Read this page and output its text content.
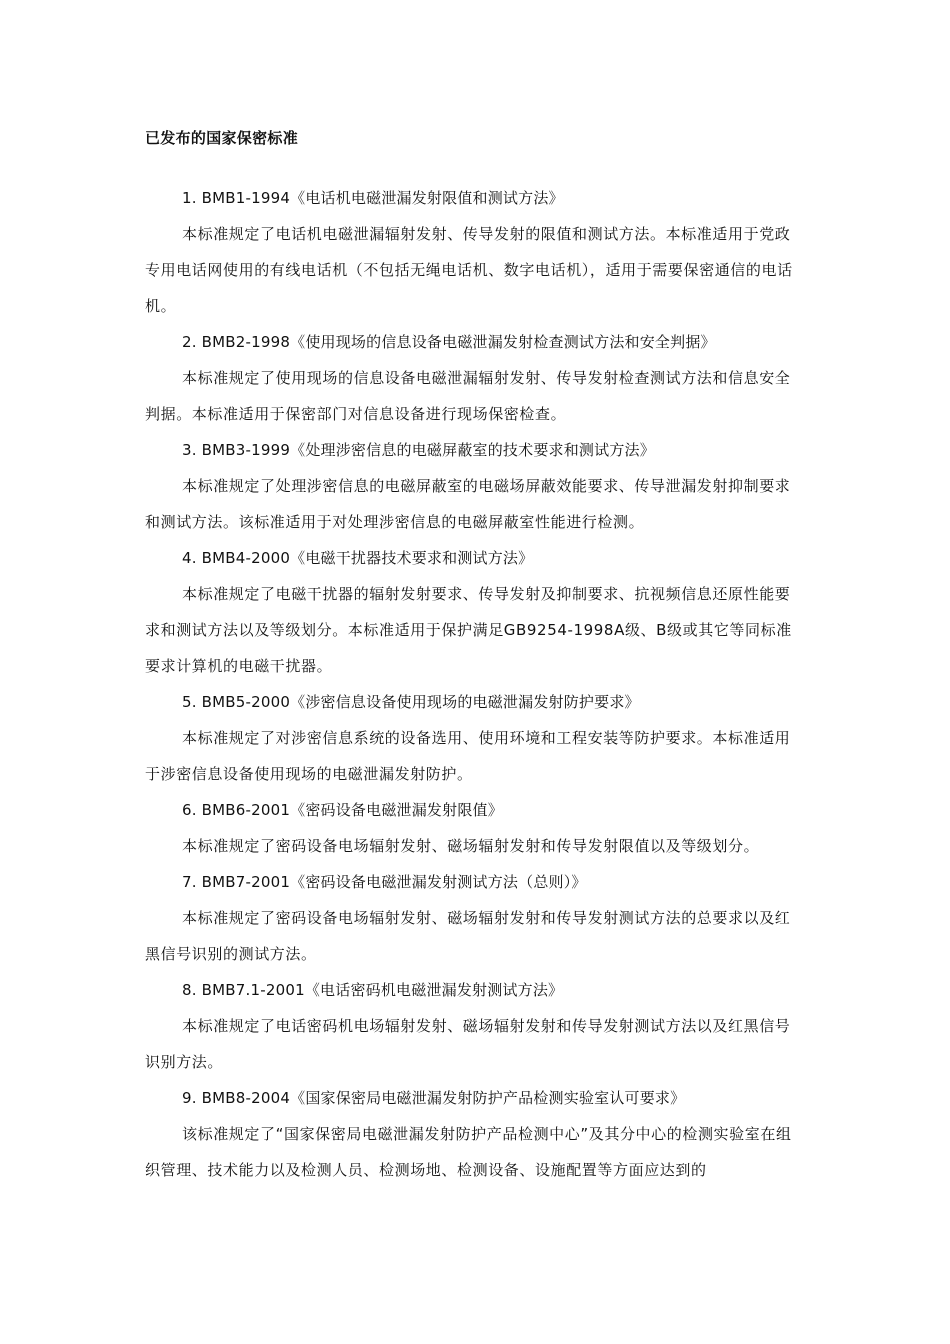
已发布的国家保密标准
1. BMB1-1994《电话机电磁泄漏发射限值和测试方法》
本标准规定了电话机电磁泄漏辐射发射、传导发射的限值和测试方法。本标准适用于党政专用电话网使用的有线电话机（不包括无绳电话机、数字电话机），适用于需要保密通信的电话机。
2. BMB2-1998《使用现场的信息设备电磁泄漏发射检查测试方法和安全判据》
本标准规定了使用现场的信息设备电磁泄漏辐射发射、传导发射检查测试方法和信息安全判据。本标准适用于保密部门对信息设备进行现场保密检查。
3. BMB3-1999《处理涉密信息的电磁屏蔽室的技术要求和测试方法》
本标准规定了处理涉密信息的电磁屏蔽室的电磁场屏蔽效能要求、传导泄漏发射抑制要求和测试方法。该标准适用于对处理涉密信息的电磁屏蔽室性能进行检测。
4. BMB4-2000《电磁干扰器技术要求和测试方法》
本标准规定了电磁干扰器的辐射发射要求、传导发射及抑制要求、抗视频信息还原性能要求和测试方法以及等级划分。本标准适用于保护满足GB9254-1998A级、B级或其它等同标准要求计算机的电磁干扰器。
5. BMB5-2000《涉密信息设备使用现场的电磁泄漏发射防护要求》
本标准规定了对涉密信息系统的设备选用、使用环境和工程安装等防护要求。本标准适用于涉密信息设备使用现场的电磁泄漏发射防护。
6. BMB6-2001《密码设备电磁泄漏发射限值》
本标准规定了密码设备电场辐射发射、磁场辐射发射和传导发射限值以及等级划分。
7. BMB7-2001《密码设备电磁泄漏发射测试方法（总则）》
本标准规定了密码设备电场辐射发射、磁场辐射发射和传导发射测试方法的总要求以及红黑信号识别的测试方法。
8. BMB7.1-2001《电话密码机电磁泄漏发射测试方法》
本标准规定了电话密码机电场辐射发射、磁场辐射发射和传导发射测试方法以及红黑信号识别方法。
9. BMB8-2004《国家保密局电磁泄漏发射防护产品检测实验室认可要求》
该标准规定了“国家保密局电磁泄漏发射防护产品检测中心”及其分中心的检测实验室在组织管理、技术能力以及检测人员、检测场地、检测设备、设施配置等方面应达到的
